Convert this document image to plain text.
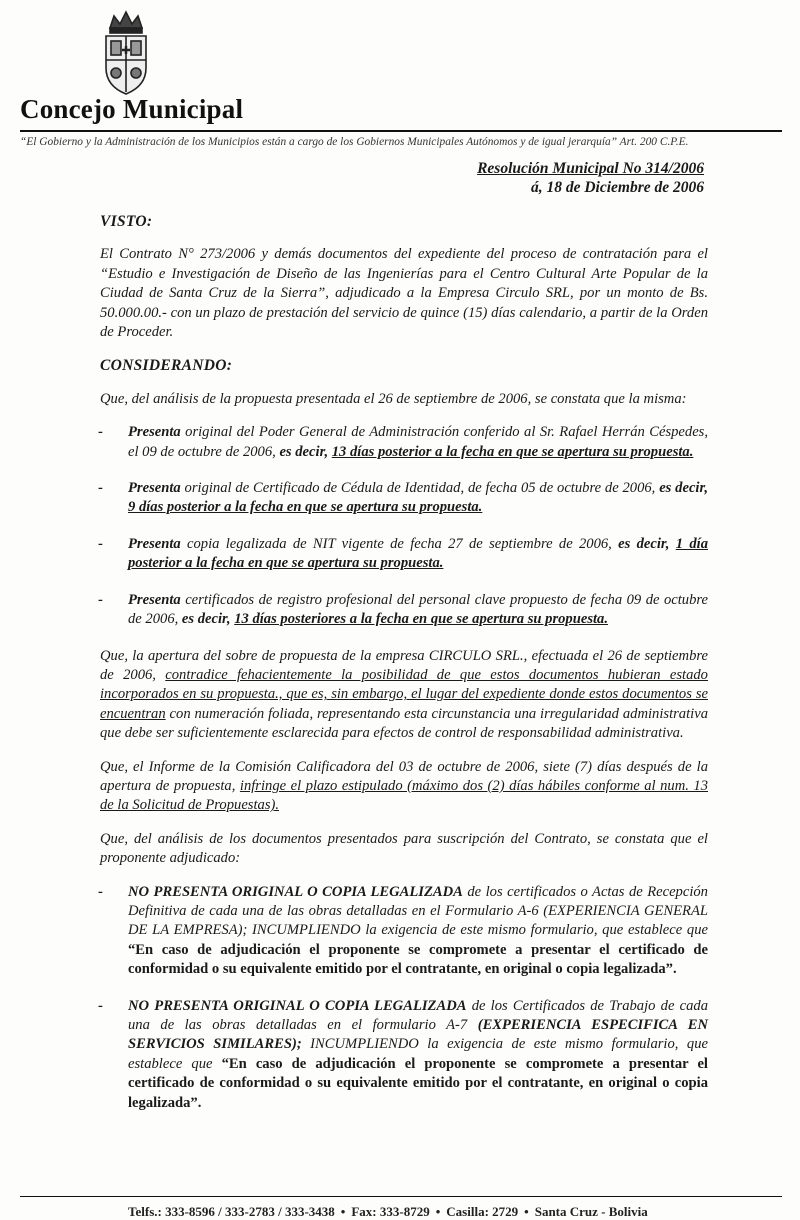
Concejo Municipal
“El Gobierno y la Administración de los Municipios están a cargo de los Gobiernos Municipales Autónomos y de igual jerarquía” Art. 200 C.P.E.
Resolución Municipal No 314/2006
á, 18 de Diciembre de 2006
VISTO:

El Contrato N° 273/2006 y demás documentos del expediente del proceso de contratación para el “Estudio e Investigación de Diseño de las Ingenierías para el Centro Cultural Arte Popular de la Ciudad de Santa Cruz de la Sierra”, adjudicado a la Empresa Circulo SRL, por un monto de Bs. 50.000.00.- con un plazo de prestación del servicio de quince (15) días calendario, a partir de la Orden de Proceder.

CONSIDERANDO:

Que, del análisis de la propuesta presentada el 26 de septiembre de 2006, se constata que la misma:

- Presenta original del Poder General de Administración conferido al Sr. Rafael Herrán Céspedes, el 09 de octubre de 2006, es decir, 13 días posterior a la fecha en que se apertura su propuesta.
- Presenta original de Certificado de Cédula de Identidad, de fecha 05 de octubre de 2006, es decir, 9 días posterior a la fecha en que se apertura su propuesta.
- Presenta copia legalizada de NIT vigente de fecha 27 de septiembre de 2006, es decir, 1 día posterior a la fecha en que se apertura su propuesta.
- Presenta certificados de registro profesional del personal clave propuesto de fecha 09 de octubre de 2006, es decir, 13 días posteriores a la fecha en que se apertura su propuesta.

Que, la apertura del sobre de propuesta de la empresa CIRCULO SRL., efectuada el 26 de septiembre de 2006, contradice fehacientemente la posibilidad de que estos documentos hubieran estado incorporados en su propuesta., que es, sin embargo, el lugar del expediente donde estos documentos se encuentran con numeración foliada, representando esta circunstancia una irregularidad administrativa que debe ser suficientemente esclarecida para efectos de control de responsabilidad administrativa.

Que, el Informe de la Comisión Calificadora del 03 de octubre de 2006, siete (7) días después de la apertura de propuesta, infringe el plazo estipulado (máximo dos (2) días hábiles conforme al num. 13 de la Solicitud de Propuestas).

Que, del análisis de los documentos presentados para suscripción del Contrato, se constata que el proponente adjudicado:

- NO PRESENTA ORIGINAL O COPIA LEGALIZADA de los certificados o Actas de Recepción Definitiva de cada una de las obras detalladas en el Formulario A-6 (EXPERIENCIA GENERAL DE LA EMPRESA); INCUMPLIENDO la exigencia de este mismo formulario, que establece que “En caso de adjudicación el proponente se compromete a presentar el certificado de conformidad o su equivalente emitido por el contratante, en original o copia legalizada”.
- NO PRESENTA ORIGINAL O COPIA LEGALIZADA de los Certificados de Trabajo de cada una de las obras detalladas en el formulario A-7 (EXPERIENCIA ESPECIFICA EN SERVICIOS SIMILARES); INCUMPLIENDO la exigencia de este mismo formulario, que establece que “En caso de adjudicación el proponente se compromete a presentar el certificado de conformidad o su equivalente emitido por el contratante, en original o copia legalizada”.
Telfs.: 333-8596 / 333-2783 / 333-3438 • Fax: 333-8729 • Casilla: 2729 • Santa Cruz - Bolivia
